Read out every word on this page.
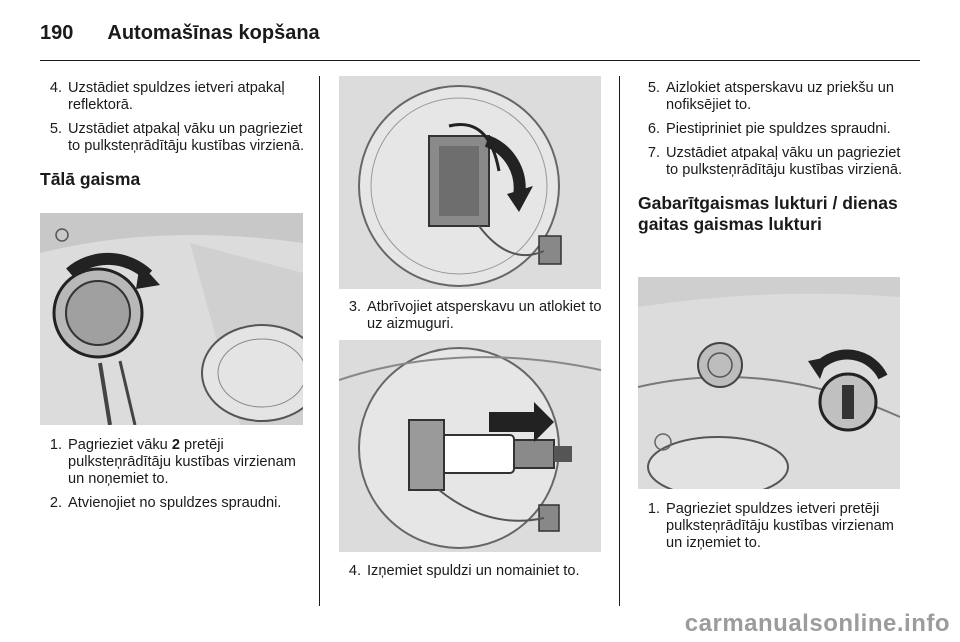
190 Automašīnas kopšana
4. Uzstādiet spuldzes ietveri atpakaļ reflektorā.
5. Uzstādiet atpakaļ vāku un pagrieziet to pulksteņrādītāju kustības virzienā.
Tālā gaisma
1. Pagrieziet vāku 2 pretēji pulksteņrādītāju kustības virzienam un noņemiet to.
2. Atvienojiet no spuldzes spraudni.
3. Atbrīvojiet atsperskavu un atlokiet to uz aizmuguri.
4. Izņemiet spuldzi un nomainiet to.
5. Aizlokiet atsperskavu uz priekšu un nofiksējiet to.
6. Piestipriniet pie spuldzes spraudni.
7. Uzstādiet atpakaļ vāku un pagrieziet to pulksteņrādītāju kustības virzienā.
Gabarītgaismas lukturi / dienas gaitas gaismas lukturi
1. Pagrieziet spuldzes ietveri pretēji pulksteņrādītāju kustības virzienam un izņemiet to.
carmanualsonline.info
